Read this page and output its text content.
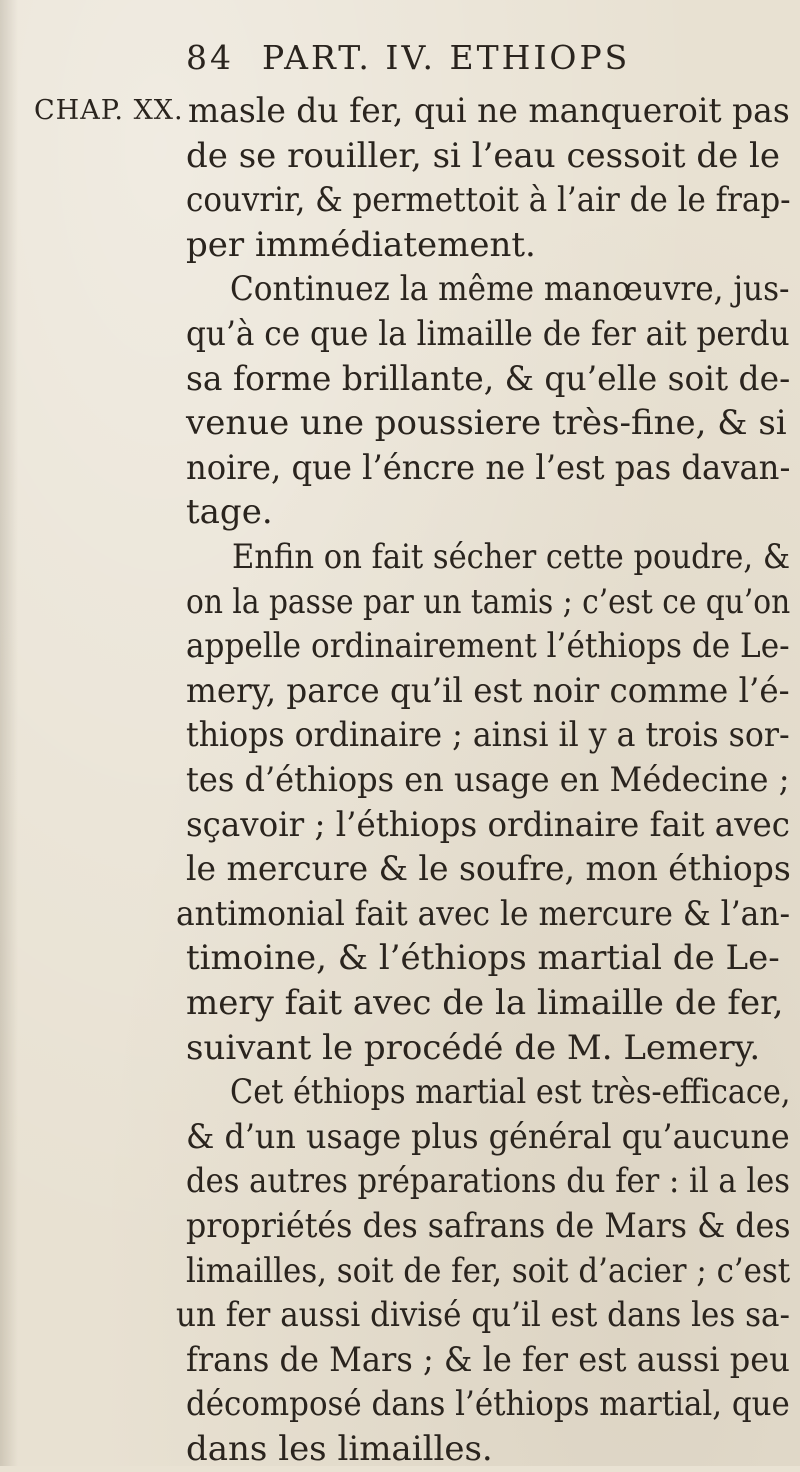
84 PART. IV. ETHIOPS
CHAP. XX. masle du fer, qui ne manqueroit pas
de se rouiller, si l’eau cessoit de le
couvrir, & permettoit à l’air de le frap-
per immédiatement.
Continuez la même manœuvre, jus-
qu’à ce que la limaille de fer ait perdu
sa forme brillante, & qu’elle soit de-
venue une poussiere très-fine, & si
noire, que l’éncre ne l’est pas davan-
tage.
Enfin on fait sécher cette poudre, &
on la passe par un tamis ; c’est ce qu’on
appelle ordinairement l’éthiops de Le-
mery, parce qu’il est noir comme l’é-
thiops ordinaire ; ainsi il y a trois sor-
tes d’éthiops en usage en Médecine ;
sçavoir ; l’éthiops ordinaire fait avec
le mercure & le soufre, mon éthiops
antimonial fait avec le mercure & l’an-
timoine, & l’éthiops martial de Le-
mery fait avec de la limaille de fer,
suivant le procédé de M. Lemery.
Cet éthiops martial est très-efficace,
& d’un usage plus général qu’aucune
des autres préparations du fer : il a les
propriétés des safrans de Mars & des
limailles, soit de fer, soit d’acier ; c’est
un fer aussi divisé qu’il est dans les sa-
frans de Mars ; & le fer est aussi peu
décomposé dans l’éthiops martial, que
dans les limailles.
